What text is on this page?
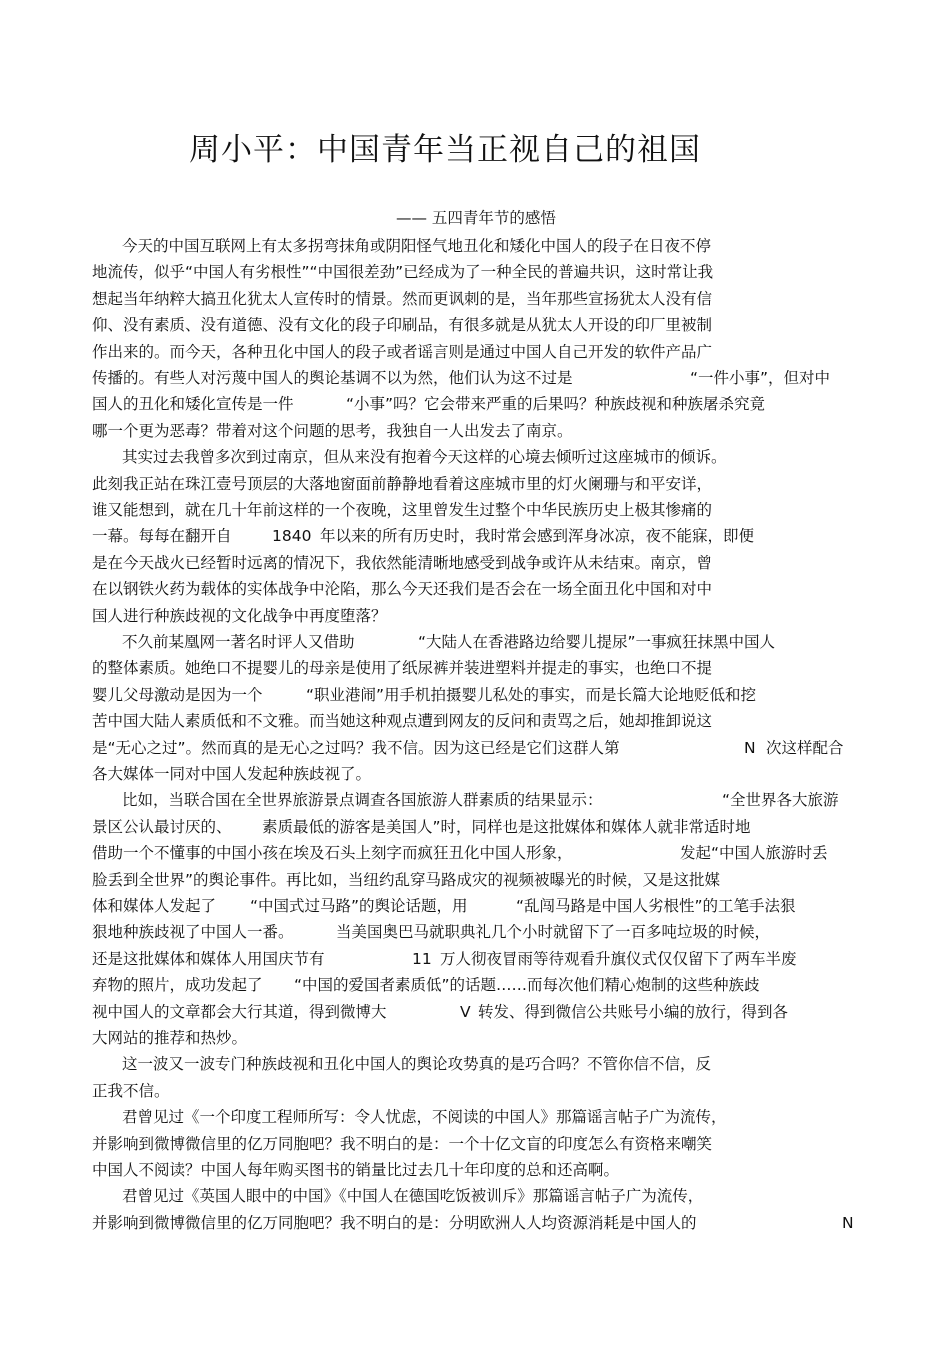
周小平：中国青年当正视自己的祖国
—— 五四青年节的感悟
今天的中国互联网上有太多拐弯抹角或阴阳怪气地丑化和矮化中国人的段子在日夜不停
地流传，似乎“中国人有劣根性”“中国很差劲”已经成为了一种全民的普遍共识，这时常让我
想起当年纳粹大搞丑化犹太人宣传时的情景。然而更讽刺的是，当年那些宣扬犹太人没有信
仰、没有素质、没有道德、没有文化的段子印刷品，有很多就是从犹太人开设的印厂里被制
作出来的。而今天，各种丑化中国人的段子或者谣言则是通过中国人自己开发的软件产品广
传播的。有些人对污蔑中国人的舆论基调不以为然，他们认为这不过是	“一件小事”，但对中
国人的丑化和矮化宣传是一件	“小事”吗？它会带来严重的后果吗？种族歧视和种族屠杀究竟
哪一个更为恶毒？带着对这个问题的思考，我独自一人出发去了南京。
其实过去我曾多次到过南京，但从来没有抱着今天这样的心境去倾听过这座城市的倾诉。
此刻我正站在珠江壹号顶层的大落地窗面前静静地看着这座城市里的灯火阑珊与和平安详，
谁又能想到，就在几十年前这样的一个夜晚，这里曾发生过整个中华民族历史上极其惨痛的
一幕。每每在翻开自	1840 年以来的所有历史时，我时常会感到浑身冰凉，夜不能寐，即便
是在今天战火已经暂时远离的情况下，我依然能清晰地感受到战争或许从未结束。南京，曾
在以钢铁火药为载体的实体战争中沦陷，那么今天还我们是否会在一场全面丑化中国和对中
国人进行种族歧视的文化战争中再度堕落？
不久前某凰网一著名时评人又借助	“大陆人在香港路边给婴儿提尿”一事疯狂抹黑中国人
的整体素质。她绝口不提婴儿的母亲是使用了纸尿裤并装进塑料并提走的事实，也绝口不提
婴儿父母激动是因为一个	“职业港闹”用手机拍摄婴儿私处的事实，而是长篇大论地贬低和挖
苦中国大陆人素质低和不文雅。而当她这种观点遭到网友的反问和责骂之后，她却推卸说这
是“无心之过”。然而真的是无心之过吗？我不信。因为这已经是它们这群人第	N 次这样配合
各大媒体一同对中国人发起种族歧视了。
比如，当联合国在全世界旅游景点调查各国旅游人群素质的结果显示：	“全世界各大旅游
景区公认最讨厌的、 素质最低的游客是美国人”时，同样也是这批媒体和媒体人就非常适时地
借助一个不懂事的中国小孩在埃及石头上刻字而疯狂丑化中国人形象，	发起“中国人旅游时丢
脸丢到全世界”的舆论事件。再比如，当纽约乱穿马路成灾的视频被曝光的时候，又是这批媒
体和媒体人发起了 “中国式过马路”的舆论话题，用	“乱闯马路是中国人劣根性”的工笔手法狠
狠地种族歧视了中国人一番。	当美国奥巴马就职典礼几个小时就留下了一百多吨垃圾的时候，
还是这批媒体和媒体人用国庆节有	11 万人彻夜冒雨等待观看升旗仪式仅仅留下了两车半废
弃物的照片，成功发起了 “中国的爱国者素质低”的话题……而每次他们精心炮制的这些种族歧
视中国人的文章都会大行其道，得到微博大	V 转发、得到微信公共账号小编的放行，得到各
大网站的推荐和热炒。
这一波又一波专门种族歧视和丑化中国人的舆论攻势真的是巧合吗？不管你信不信，反
正我不信。
君曾见过《一个印度工程师所写：令人忧虑，不阅读的中国人》那篇谣言帖子广为流传，
并影响到微博微信里的亿万同胞吧？我不明白的是：一个十亿文盲的印度怎么有资格来嘲笑
中国人不阅读？中国人每年购买图书的销量比过去几十年印度的总和还高啊。
君曾见过《英国人眼中的中国》《中国人在德国吃饭被训斥》那篇谣言帖子广为流传，
并影响到微博微信里的亿万同胞吧？我不明白的是：分明欧洲人人均资源消耗是中国人的	N
